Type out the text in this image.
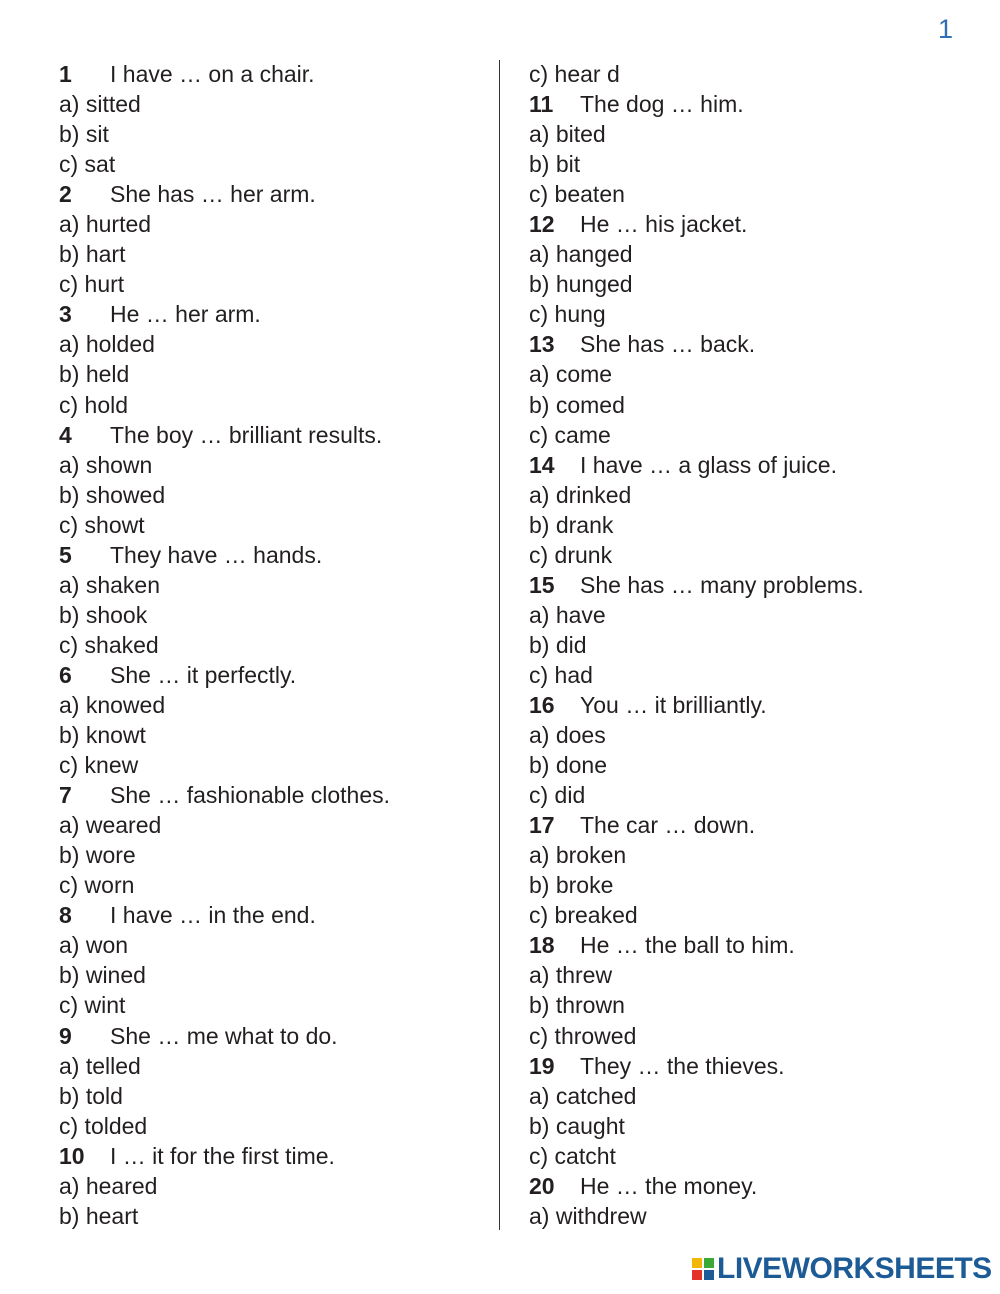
1
1 I have … on a chair.
a) sitted
b) sit
c) sat
2 She has … her arm.
a) hurted
b) hart
c) hurt
3 He … her arm.
a) holded
b) held
c) hold
4 The boy … brilliant results.
a) shown
b) showed
c) showt
5 They have … hands.
a) shaken
b) shook
c) shaked
6 She … it perfectly.
a) knowed
b) knowt
c) knew
7 She … fashionable clothes.
a) weared
b) wore
c) worn
8 I have … in the end.
a) won
b) wined
c) wint
9 She … me what to do.
a) telled
b) told
c) tolded
10 I … it for the first time.
a) heared
b) heart
c) hear d
11 The dog … him.
a) bited
b) bit
c) beaten
12 He … his jacket.
a) hanged
b) hunged
c) hung
13 She has … back.
a) come
b) comed
c) came
14 I have … a glass of juice.
a) drinked
b) drank
c) drunk
15 She has … many problems.
a) have
b) did
c) had
16 You … it brilliantly.
a) does
b) done
c) did
17 The car … down.
a) broken
b) broke
c) breaked
18 He … the ball to him.
a) threw
b) thrown
c) throwed
19 They … the thieves.
a) catched
b) caught
c) catcht
20 He … the money.
a) withdrew
LIVEWORKSHEETS
